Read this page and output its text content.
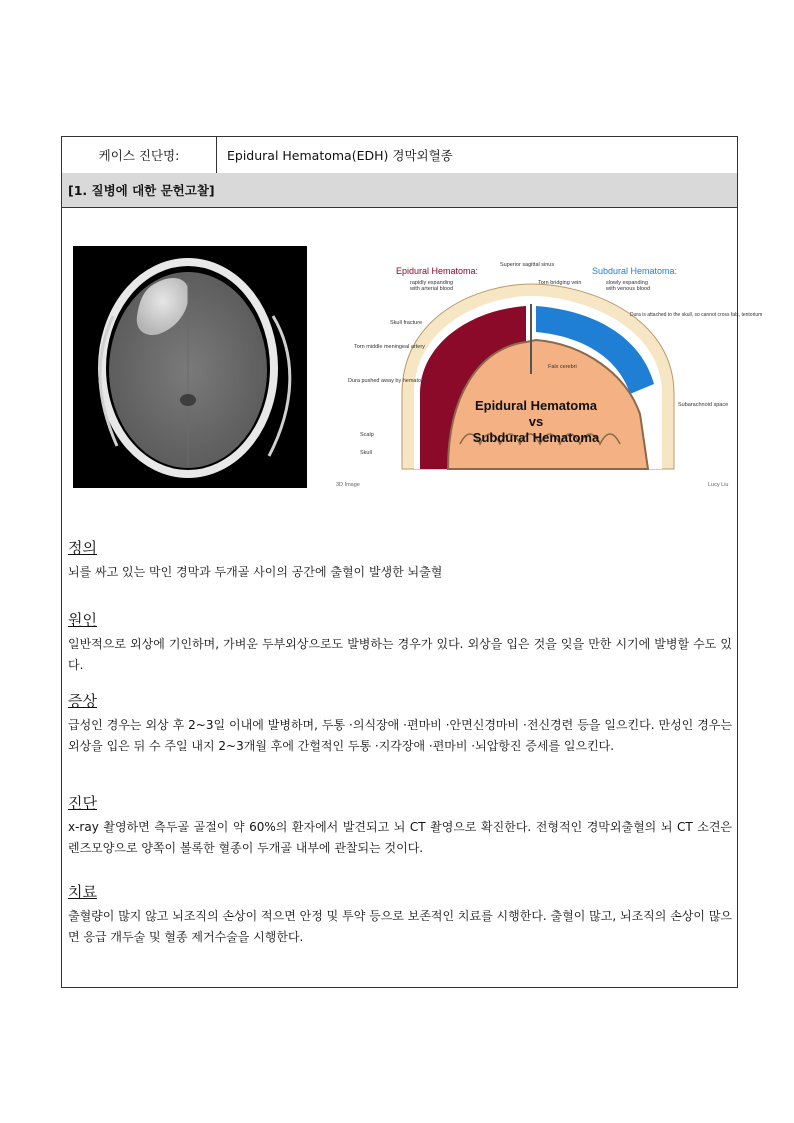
케이스 진단명:	Epidural Hematoma(EDH) 경막외혈종
[1. 질병에 대한 문헌고찰]
Epidural Hematoma:
rapidly expanding
with arterial blood
Subdural Hematoma:
slowly expanding
with venous blood
Superior sagittal sinus
Torn bridging vein
Skull fracture
Torn middle meningeal artery
Dura pushed away by hematoma
Dura is attached to the skull, so cannot cross falx, tentorium
Falx cerebri
Subarachnoid space
Scalp
Skull
Epidural Hematoma
vs
Subdural Hematoma
3D Image	Lucy Liu

정의

뇌를 싸고 있는 막인 경막과 두개골 사이의 공간에 출혈이 발생한 뇌출혈

원인

일반적으로 외상에 기인하며, 가벼운 두부외상으로도 발병하는 경우가 있다. 외상을 입은 것을 잊을 만한 시기에 발병할 수도 있다.

증상

급성인 경우는 외상 후 2~3일 이내에 발병하며, 두통 ·의식장애 ·편마비 ·안면신경마비 ·전신경련 등을 일으킨다. 만성인 경우는 외상을 입은 뒤 수 주일 내지 2~3개월 후에 간헐적인 두통 ·지각장애 ·편마비 ·뇌압항진 증세를 일으킨다.

진단

x-ray 촬영하면 측두골 골절이 약 60%의 환자에서 발견되고 뇌 CT 촬영으로 확진한다. 전형적인 경막외출혈의 뇌 CT 소견은 렌즈모양으로 양쪽이 볼록한 혈종이 두개골 내부에 관찰되는 것이다.

치료

출혈량이 많지 않고 뇌조직의 손상이 적으면 안정 및 투약 등으로 보존적인 치료를 시행한다. 출혈이 많고, 뇌조직의 손상이 많으면 응급 개두술 및 혈종 제거수술을 시행한다.
